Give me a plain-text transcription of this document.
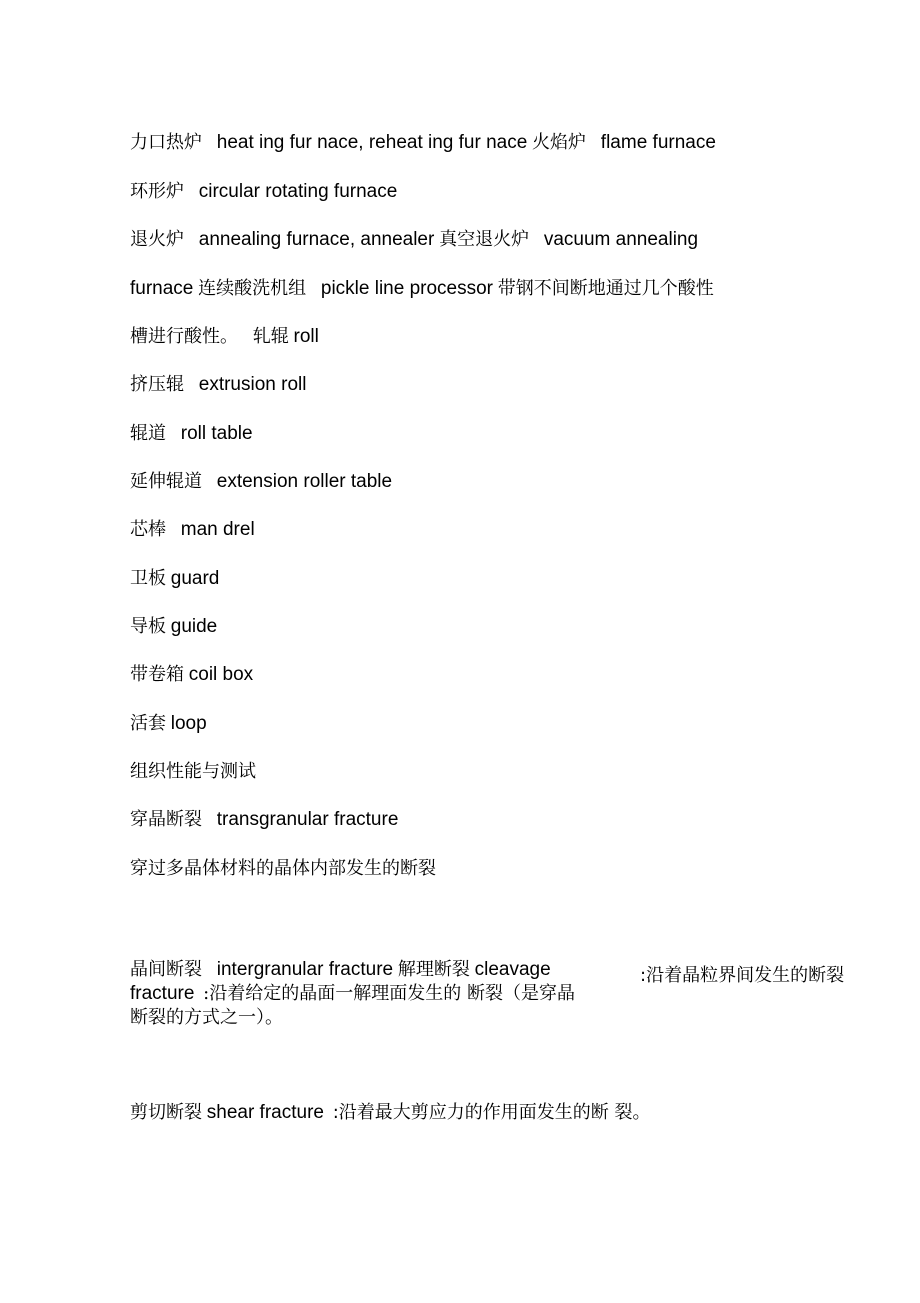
力口热炉 heat ing fur nace, reheat ing fur nace 火焰炉 flame furnace
环形炉 circular rotating furnace
退火炉 annealing furnace, annealer 真空退火炉 vacuum annealing
furnace 连续酸洗机组 pickle line processor 带钢不间断地通过几个酸性
槽进行酸性。 轧辊 roll
挤压辊 extrusion roll
辊道 roll table
延伸辊道 extension roller table
芯棒 man drel
卫板 guard
导板 guide
带卷箱 coil box
活套 loop
组织性能与测试
穿晶断裂 transgranular fracture
穿过多晶体材料的晶体内部发生的断裂
晶间断裂 intergranular fracture 解理断裂 cleavage
fracture :沿着给定的晶面一解理面发生的 断裂（是穿晶
断裂的方式之一）。
:沿着晶粒界间发生的断裂
剪切断裂 shear fracture :沿着最大剪应力的作用面发生的断 裂。
